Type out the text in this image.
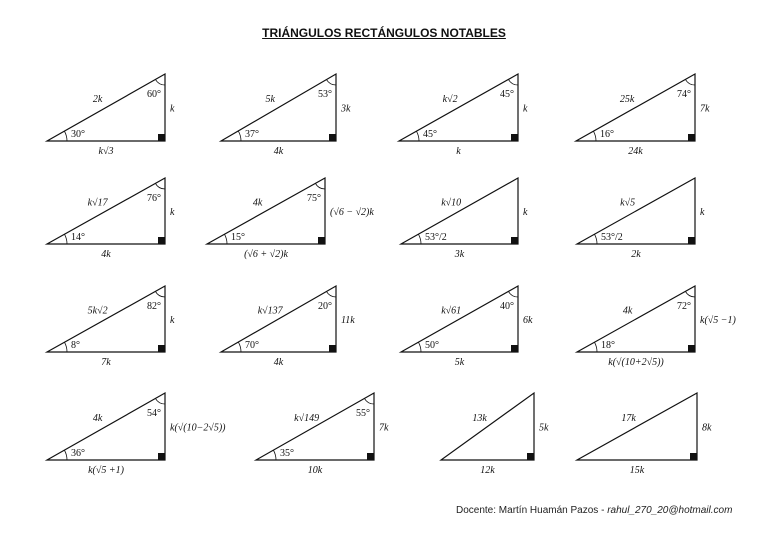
TRIÁNGULOS RECTÁNGULOS NOTABLES
30°
60°
2k
k
k√3
37°
53°
5k
3k
4k
45°
45°
k√2
k
k
16°
74°
25k
7k
24k
14°
76°
k√17
k
4k
15°
75°
4k
(√6 − √2)k
(√6 + √2)k
53°/2
k√10
k
3k
53°/2
k√5
k
2k
8°
82°
5k√2
k
7k
70°
20°
k√137
11k
4k
50°
40°
k√61
6k
5k
18°
72°
4k
k(√5 −1)
k(√(10+2√5))
36°
54°
4k
k(√(10−2√5))
k(√5 +1)
35°
55°
k√149
7k
10k
13k
5k
12k
17k
8k
15k
Docente: Martín Huamán Pazos - rahul_270_20@hotmail.com
